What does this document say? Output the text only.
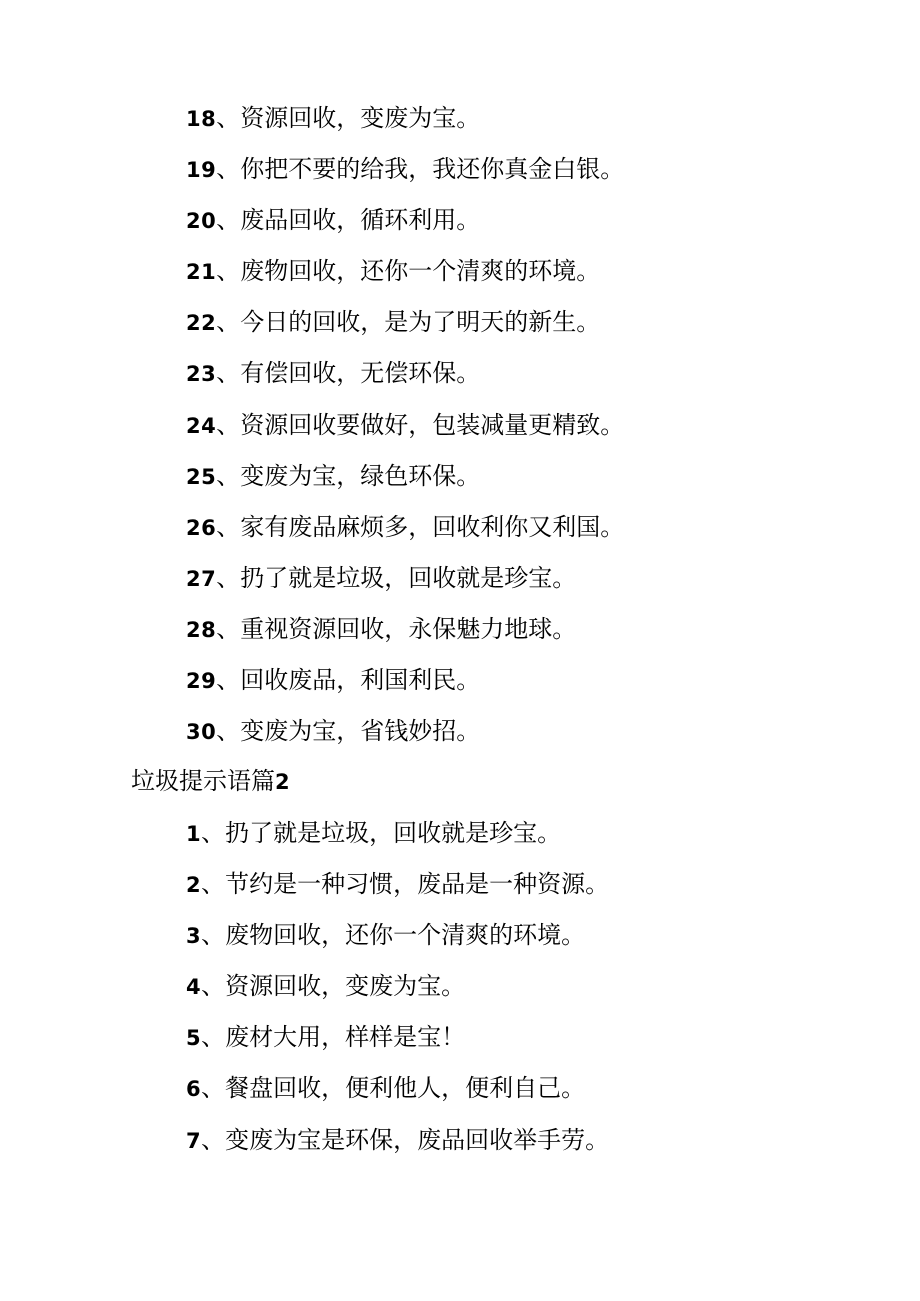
18、资源回收，变废为宝。
19、你把不要的给我，我还你真金白银。
20、废品回收，循环利用。
21、废物回收，还你一个清爽的环境。
22、今日的回收，是为了明天的新生。
23、有偿回收，无偿环保。
24、资源回收要做好，包装减量更精致。
25、变废为宝，绿色环保。
26、家有废品麻烦多，回收利你又利国。
27、扔了就是垃圾，回收就是珍宝。
28、重视资源回收，永保魅力地球。
29、回收废品，利国利民。
30、变废为宝，省钱妙招。
垃圾提示语篇2
1、扔了就是垃圾，回收就是珍宝。
2、节约是一种习惯，废品是一种资源。
3、废物回收，还你一个清爽的环境。
4、资源回收，变废为宝。
5、废材大用，样样是宝！
6、餐盘回收，便利他人，便利自己。
7、变废为宝是环保，废品回收举手劳。
